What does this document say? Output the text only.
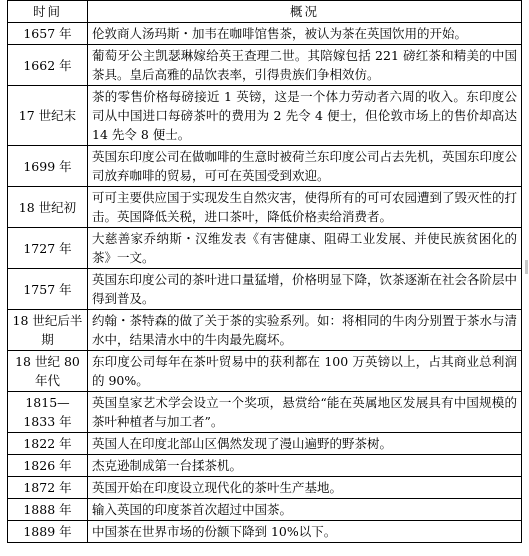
时间	概况
1657 年	伦敦商人汤玛斯・加韦在咖啡馆售茶，被认为茶在英国饮用的开始。
1662 年	葡萄牙公主凯瑟琳嫁给英王查理二世。其陪嫁包括 221 磅红茶和精美的中国茶具。皇后高雅的品饮表率，引得贵族们争相效仿。
17 世纪末	茶的零售价格每磅接近 1 英镑，这是一个体力劳动者六周的收入。东印度公司从中国进口每磅茶叶的费用为 2 先令 4 便士，但伦敦市场上的售价却高达 14 先令 8 便士。
1699 年	英国东印度公司在做咖啡的生意时被荷兰东印度公司占去先机，英国东印度公司放弃咖啡的贸易，可可在英国受到欢迎。
18 世纪初	可可主要供应国于实现发生自然灾害，使得所有的可可农园遭到了毁灭性的打击。英国降低关税，进口茶叶，降低价格卖给消费者。
1727 年	大慈善家乔纳斯・汉维发表《有害健康、阻碍工业发展、并使民族贫困化的茶》一文。
1757 年	英国东印度公司的茶叶进口量猛增，价格明显下降，饮茶逐渐在社会各阶层中得到普及。
18 世纪后半期	约翰・茶特森的做了关于茶的实验系列。如：将相同的牛肉分别置于茶水与清水中，结果清水中的牛肉最先腐坏。
18 世纪 80 年代	东印度公司每年在茶叶贸易中的获利都在 100 万英镑以上，占其商业总利润的 90%。
1815—1833 年	英国皇家艺术学会设立一个奖项，悬赏给“能在英属地区发展具有中国规模的茶叶种植者与加工者”。
1822 年	英国人在印度北部山区偶然发现了漫山遍野的野茶树。
1826 年	杰克逊制成第一台揉茶机。
1872 年	英国开始在印度设立现代化的茶叶生产基地。
1888 年	输入英国的印度茶首次超过中国茶。
1889 年	中国茶在世界市场的份额下降到 10%以下。
